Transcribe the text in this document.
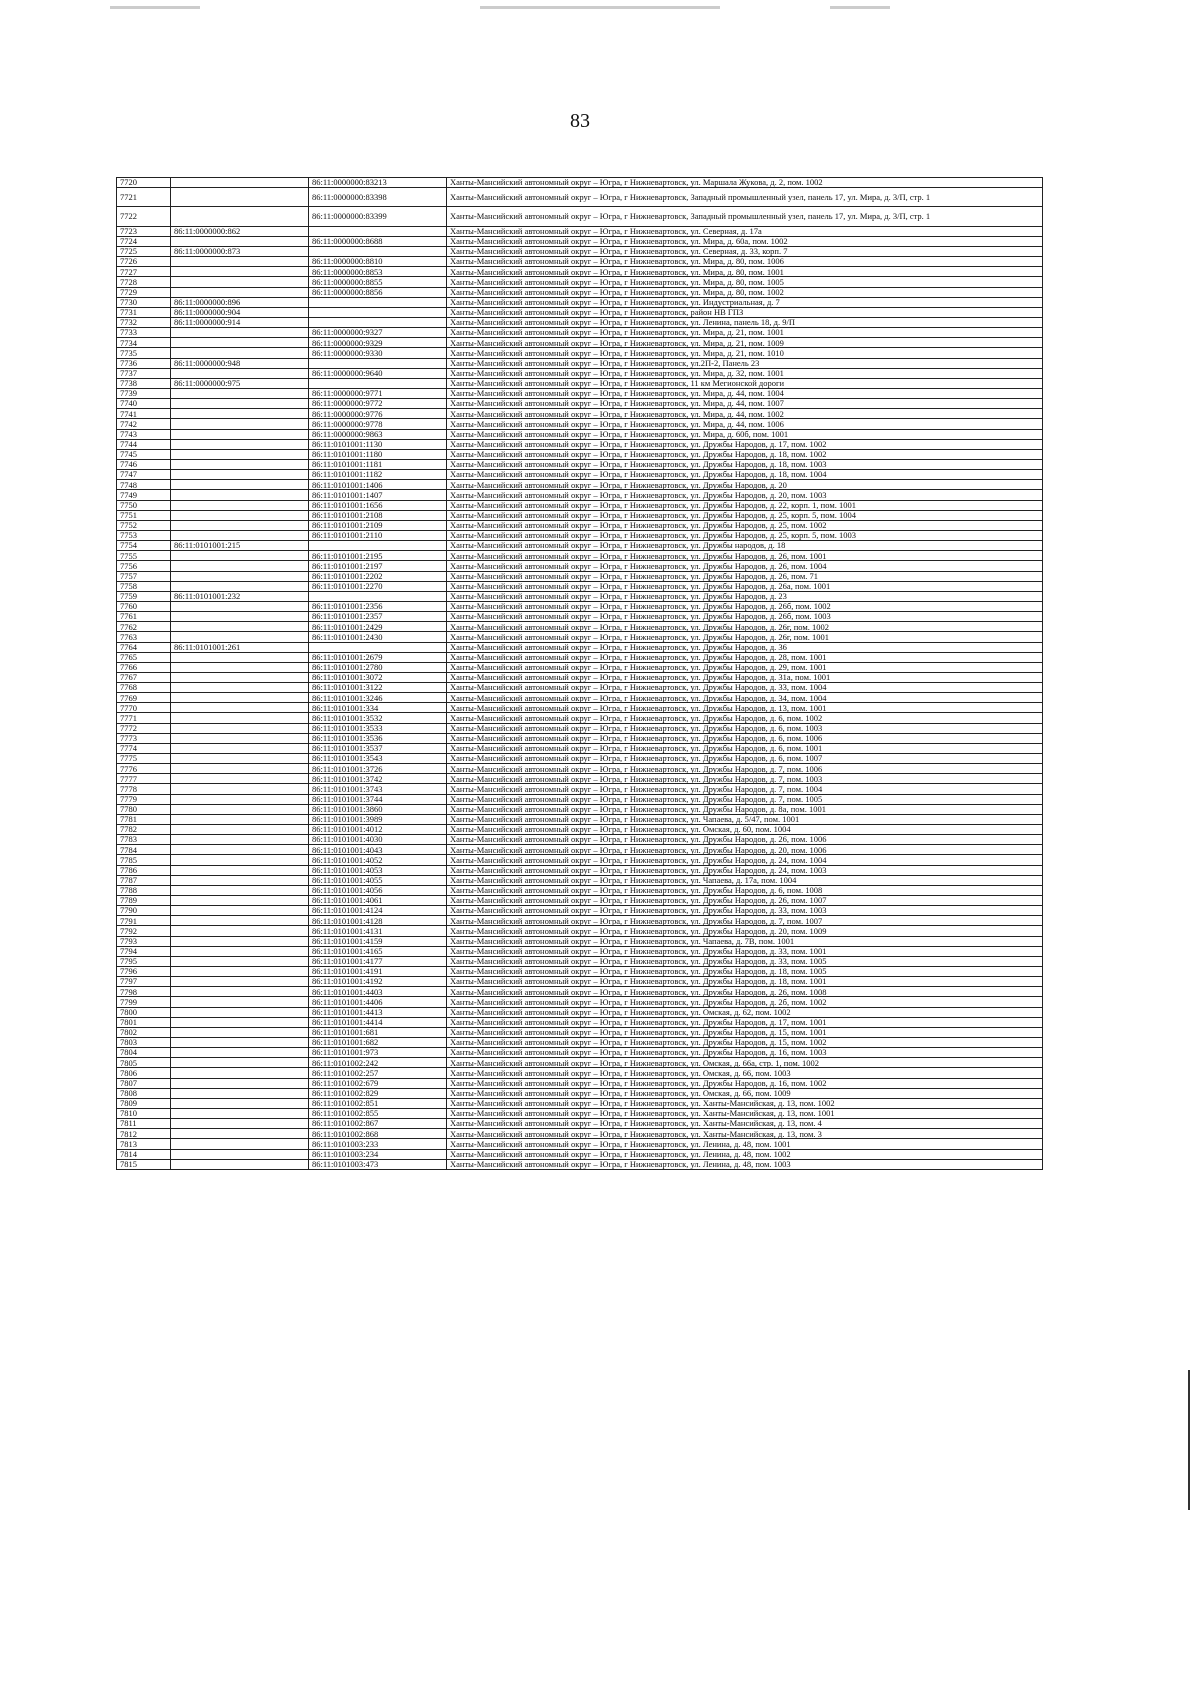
83
7720		86:11:0000000:83213	Ханты-Мансийский автономный округ – Югра, г Нижневартовск, ул. Маршала Жукова, д. 2, пом. 1002
7721		86:11:0000000:83398	Ханты-Мансийский автономный округ – Югра, г Нижневартовск, Западный промышленный узел, панель 17, ул. Мира, д. 3/П, стр. 1
7722		86:11:0000000:83399	Ханты-Мансийский автономный округ – Югра, г Нижневартовск, Западный промышленный узел, панель 17, ул. Мира, д. 3/П, стр. 1
7723	86:11:0000000:862		Ханты-Мансийский автономный округ – Югра, г Нижневартовск, ул. Северная, д. 17а
7724		86:11:0000000:8688	Ханты-Мансийский автономный округ – Югра, г Нижневартовск, ул. Мира, д. 60а, пом. 1002
7725	86:11:0000000:873		Ханты-Мансийский автономный округ – Югра, г Нижневартовск, ул. Северная, д. 33, корп. 7
7726		86:11:0000000:8810	Ханты-Мансийский автономный округ – Югра, г Нижневартовск, ул. Мира, д. 80, пом. 1006
7727		86:11:0000000:8853	Ханты-Мансийский автономный округ – Югра, г Нижневартовск, ул. Мира, д. 80, пом. 1001
7728		86:11:0000000:8855	Ханты-Мансийский автономный округ – Югра, г Нижневартовск, ул. Мира, д. 80, пом. 1005
7729		86:11:0000000:8856	Ханты-Мансийский автономный округ – Югра, г Нижневартовск, ул. Мира, д. 80, пом. 1002
7730	86:11:0000000:896		Ханты-Мансийский автономный округ – Югра, г Нижневартовск, ул. Индустриальная, д. 7
7731	86:11:0000000:904		Ханты-Мансийский автономный округ – Югра, г Нижневартовск, район НВ ГПЗ
7732	86:11:0000000:914		Ханты-Мансийский автономный округ – Югра, г Нижневартовск, ул. Ленина, панель 18, д. 9/П
7733		86:11:0000000:9327	Ханты-Мансийский автономный округ – Югра, г Нижневартовск, ул. Мира, д. 21, пом. 1001
7734		86:11:0000000:9329	Ханты-Мансийский автономный округ – Югра, г Нижневартовск, ул. Мира, д. 21, пом. 1009
7735		86:11:0000000:9330	Ханты-Мансийский автономный округ – Югра, г Нижневартовск, ул. Мира, д. 21, пом. 1010
7736	86:11:0000000:948		Ханты-Мансийский автономный округ – Югра, г Нижневартовск, ул.2П-2, Панель 23
7737		86:11:0000000:9640	Ханты-Мансийский автономный округ – Югра, г Нижневартовск, ул. Мира, д. 32, пом. 1001
7738	86:11:0000000:975		Ханты-Мансийский автономный округ – Югра, г Нижневартовск, 11 км Мегионской дороги
7739		86:11:0000000:9771	Ханты-Мансийский автономный округ – Югра, г Нижневартовск, ул. Мира, д. 44, пом. 1004
7740		86:11:0000000:9772	Ханты-Мансийский автономный округ – Югра, г Нижневартовск, ул. Мира, д. 44, пом. 1007
7741		86:11:0000000:9776	Ханты-Мансийский автономный округ – Югра, г Нижневартовск, ул. Мира, д. 44, пом. 1002
7742		86:11:0000000:9778	Ханты-Мансийский автономный округ – Югра, г Нижневартовск, ул. Мира, д. 44, пом. 1006
7743		86:11:0000000:9863	Ханты-Мансийский автономный округ – Югра, г Нижневартовск, ул. Мира, д. 60б, пом. 1001
7744		86:11:0101001:1130	Ханты-Мансийский автономный округ – Югра, г Нижневартовск, ул. Дружбы Народов, д. 17, пом. 1002
7745		86:11:0101001:1180	Ханты-Мансийский автономный округ – Югра, г Нижневартовск, ул. Дружбы Народов, д. 18, пом. 1002
7746		86:11:0101001:1181	Ханты-Мансийский автономный округ – Югра, г Нижневартовск, ул. Дружбы Народов, д. 18, пом. 1003
7747		86:11:0101001:1182	Ханты-Мансийский автономный округ – Югра, г Нижневартовск, ул. Дружбы Народов, д. 18, пом. 1004
7748		86:11:0101001:1406	Ханты-Мансийский автономный округ – Югра, г Нижневартовск, ул. Дружбы Народов, д. 20
7749		86:11:0101001:1407	Ханты-Мансийский автономный округ – Югра, г Нижневартовск, ул. Дружбы Народов, д. 20, пом. 1003
7750		86:11:0101001:1656	Ханты-Мансийский автономный округ – Югра, г Нижневартовск, ул. Дружбы Народов, д. 22, корп. 1, пом. 1001
7751		86:11:0101001:2108	Ханты-Мансийский автономный округ – Югра, г Нижневартовск, ул. Дружбы Народов, д. 25, корп. 5, пом. 1004
7752		86:11:0101001:2109	Ханты-Мансийский автономный округ – Югра, г Нижневартовск, ул. Дружбы Народов, д. 25, пом. 1002
7753		86:11:0101001:2110	Ханты-Мансийский автономный округ – Югра, г Нижневартовск, ул. Дружбы Народов, д. 25, корп. 5, пом. 1003
7754	86:11:0101001:215		Ханты-Мансийский автономный округ – Югра, г Нижневартовск, ул. Дружбы народов, д. 18
7755		86:11:0101001:2195	Ханты-Мансийский автономный округ – Югра, г Нижневартовск, ул. Дружбы Народов, д. 26, пом. 1001
7756		86:11:0101001:2197	Ханты-Мансийский автономный округ – Югра, г Нижневартовск, ул. Дружбы Народов, д. 26, пом. 1004
7757		86:11:0101001:2202	Ханты-Мансийский автономный округ – Югра, г Нижневартовск, ул. Дружбы Народов, д. 26, пом. 71
7758		86:11:0101001:2270	Ханты-Мансийский автономный округ – Югра, г Нижневартовск, ул. Дружбы Народов, д. 26а, пом. 1001
7759	86:11:0101001:232		Ханты-Мансийский автономный округ – Югра, г Нижневартовск, ул. Дружбы Народов, д. 23
7760		86:11:0101001:2356	Ханты-Мансийский автономный округ – Югра, г Нижневартовск, ул. Дружбы Народов, д. 26б, пом. 1002
7761		86:11:0101001:2357	Ханты-Мансийский автономный округ – Югра, г Нижневартовск, ул. Дружбы Народов, д. 26б, пом. 1003
7762		86:11:0101001:2429	Ханты-Мансийский автономный округ – Югра, г Нижневартовск, ул. Дружбы Народов, д. 26г, пом. 1002
7763		86:11:0101001:2430	Ханты-Мансийский автономный округ – Югра, г Нижневартовск, ул. Дружбы Народов, д. 26г, пом. 1001
7764	86:11:0101001:261		Ханты-Мансийский автономный округ – Югра, г Нижневартовск, ул. Дружбы Народов, д. 36
7765		86:11:0101001:2679	Ханты-Мансийский автономный округ – Югра, г Нижневартовск, ул. Дружбы Народов, д. 28, пом. 1001
7766		86:11:0101001:2780	Ханты-Мансийский автономный округ – Югра, г Нижневартовск, ул. Дружбы Народов, д. 29, пом. 1001
7767		86:11:0101001:3072	Ханты-Мансийский автономный округ – Югра, г Нижневартовск, ул. Дружбы Народов, д. 31а, пом. 1001
7768		86:11:0101001:3122	Ханты-Мансийский автономный округ – Югра, г Нижневартовск, ул. Дружбы Народов, д. 33, пом. 1004
7769		86:11:0101001:3246	Ханты-Мансийский автономный округ – Югра, г Нижневартовск, ул. Дружбы Народов, д. 34, пом. 1004
7770		86:11:0101001:334	Ханты-Мансийский автономный округ – Югра, г Нижневартовск, ул. Дружбы Народов, д. 13, пом. 1001
7771		86:11:0101001:3532	Ханты-Мансийский автономный округ – Югра, г Нижневартовск, ул. Дружбы Народов, д. 6, пом. 1002
7772		86:11:0101001:3533	Ханты-Мансийский автономный округ – Югра, г Нижневартовск, ул. Дружбы Народов, д. 6, пом. 1003
7773		86:11:0101001:3536	Ханты-Мансийский автономный округ – Югра, г Нижневартовск, ул. Дружбы Народов, д. 6, пом. 1006
7774		86:11:0101001:3537	Ханты-Мансийский автономный округ – Югра, г Нижневартовск, ул. Дружбы Народов, д. 6, пом. 1001
7775		86:11:0101001:3543	Ханты-Мансийский автономный округ – Югра, г Нижневартовск, ул. Дружбы Народов, д. 6, пом. 1007
7776		86:11:0101001:3726	Ханты-Мансийский автономный округ – Югра, г Нижневартовск, ул. Дружбы Народов, д. 7, пом. 1006
7777		86:11:0101001:3742	Ханты-Мансийский автономный округ – Югра, г Нижневартовск, ул. Дружбы Народов, д. 7, пом. 1003
7778		86:11:0101001:3743	Ханты-Мансийский автономный округ – Югра, г Нижневартовск, ул. Дружбы Народов, д. 7, пом. 1004
7779		86:11:0101001:3744	Ханты-Мансийский автономный округ – Югра, г Нижневартовск, ул. Дружбы Народов, д. 7, пом. 1005
7780		86:11:0101001:3860	Ханты-Мансийский автономный округ – Югра, г Нижневартовск, ул. Дружбы Народов, д. 8а, пом. 1001
7781		86:11:0101001:3989	Ханты-Мансийский автономный округ – Югра, г Нижневартовск, ул. Чапаева, д. 5/47, пом. 1001
7782		86:11:0101001:4012	Ханты-Мансийский автономный округ – Югра, г Нижневартовск, ул. Омская, д. 60, пом. 1004
7783		86:11:0101001:4030	Ханты-Мансийский автономный округ – Югра, г Нижневартовск, ул. Дружбы Народов, д. 26, пом. 1006
7784		86:11:0101001:4043	Ханты-Мансийский автономный округ – Югра, г Нижневартовск, ул. Дружбы Народов, д. 20, пом. 1006
7785		86:11:0101001:4052	Ханты-Мансийский автономный округ – Югра, г Нижневартовск, ул. Дружбы Народов, д. 24, пом. 1004
7786		86:11:0101001:4053	Ханты-Мансийский автономный округ – Югра, г Нижневартовск, ул. Дружбы Народов, д. 24, пом. 1003
7787		86:11:0101001:4055	Ханты-Мансийский автономный округ – Югра, г Нижневартовск, ул. Чапаева, д. 17а, пом. 1004
7788		86:11:0101001:4056	Ханты-Мансийский автономный округ – Югра, г Нижневартовск, ул. Дружбы Народов, д. 6, пом. 1008
7789		86:11:0101001:4061	Ханты-Мансийский автономный округ – Югра, г Нижневартовск, ул. Дружбы Народов, д. 26, пом. 1007
7790		86:11:0101001:4124	Ханты-Мансийский автономный округ – Югра, г Нижневартовск, ул. Дружбы Народов, д. 33, пом. 1003
7791		86:11:0101001:4128	Ханты-Мансийский автономный округ – Югра, г Нижневартовск, ул. Дружбы Народов, д. 7, пом. 1007
7792		86:11:0101001:4131	Ханты-Мансийский автономный округ – Югра, г Нижневартовск, ул. Дружбы Народов, д. 20, пом. 1009
7793		86:11:0101001:4159	Ханты-Мансийский автономный округ – Югра, г Нижневартовск, ул. Чапаева, д. 7В, пом. 1001
7794		86:11:0101001:4165	Ханты-Мансийский автономный округ – Югра, г Нижневартовск, ул. Дружбы Народов, д. 33, пом. 1001
7795		86:11:0101001:4177	Ханты-Мансийский автономный округ – Югра, г Нижневартовск, ул. Дружбы Народов, д. 33, пом. 1005
7796		86:11:0101001:4191	Ханты-Мансийский автономный округ – Югра, г Нижневартовск, ул. Дружбы Народов, д. 18, пом. 1005
7797		86:11:0101001:4192	Ханты-Мансийский автономный округ – Югра, г Нижневартовск, ул. Дружбы Народов, д. 18, пом. 1001
7798		86:11:0101001:4403	Ханты-Мансийский автономный округ – Югра, г Нижневартовск, ул. Дружбы Народов, д. 26, пом. 1008
7799		86:11:0101001:4406	Ханты-Мансийский автономный округ – Югра, г Нижневартовск, ул. Дружбы Народов, д. 2б, пом. 1002
7800		86:11:0101001:4413	Ханты-Мансийский автономный округ – Югра, г Нижневартовск, ул. Омская, д. 62, пом. 1002
7801		86:11:0101001:4414	Ханты-Мансийский автономный округ – Югра, г Нижневартовск, ул. Дружбы Народов, д. 17, пом. 1001
7802		86:11:0101001:681	Ханты-Мансийский автономный округ – Югра, г Нижневартовск, ул. Дружбы Народов, д. 15, пом. 1001
7803		86:11:0101001:682	Ханты-Мансийский автономный округ – Югра, г Нижневартовск, ул. Дружбы Народов, д. 15, пом. 1002
7804		86:11:0101001:973	Ханты-Мансийский автономный округ – Югра, г Нижневартовск, ул. Дружбы Народов, д. 16, пом. 1003
7805		86:11:0101002:242	Ханты-Мансийский автономный округ – Югра, г Нижневартовск, ул. Омская, д. 66а, стр. 1, пом. 1002
7806		86:11:0101002:257	Ханты-Мансийский автономный округ – Югра, г Нижневартовск, ул. Омская, д. 66, пом. 1003
7807		86:11:0101002:679	Ханты-Мансийский автономный округ – Югра, г Нижневартовск, ул. Дружбы Народов, д. 16, пом. 1002
7808		86:11:0101002:829	Ханты-Мансийский автономный округ – Югра, г Нижневартовск, ул. Омская, д. 66, пом. 1009
7809		86:11:0101002:851	Ханты-Мансийский автономный округ – Югра, г Нижневартовск, ул. Ханты-Мансийская, д. 13, пом. 1002
7810		86:11:0101002:855	Ханты-Мансийский автономный округ – Югра, г Нижневартовск, ул. Ханты-Мансийская, д. 13, пом. 1001
7811		86:11:0101002:867	Ханты-Мансийский автономный округ – Югра, г Нижневартовск, ул. Ханты-Мансийская, д. 13, пом. 4
7812		86:11:0101002:868	Ханты-Мансийский автономный округ – Югра, г Нижневартовск, ул. Ханты-Мансийская, д. 13, пом. 3
7813		86:11:0101003:233	Ханты-Мансийский автономный округ – Югра, г Нижневартовск, ул. Ленина, д. 48, пом. 1001
7814		86:11:0101003:234	Ханты-Мансийский автономный округ – Югра, г Нижневартовск, ул. Ленина, д. 48, пом. 1002
7815		86:11:0101003:473	Ханты-Мансийский автономный округ – Югра, г Нижневартовск, ул. Ленина, д. 48, пом. 1003
